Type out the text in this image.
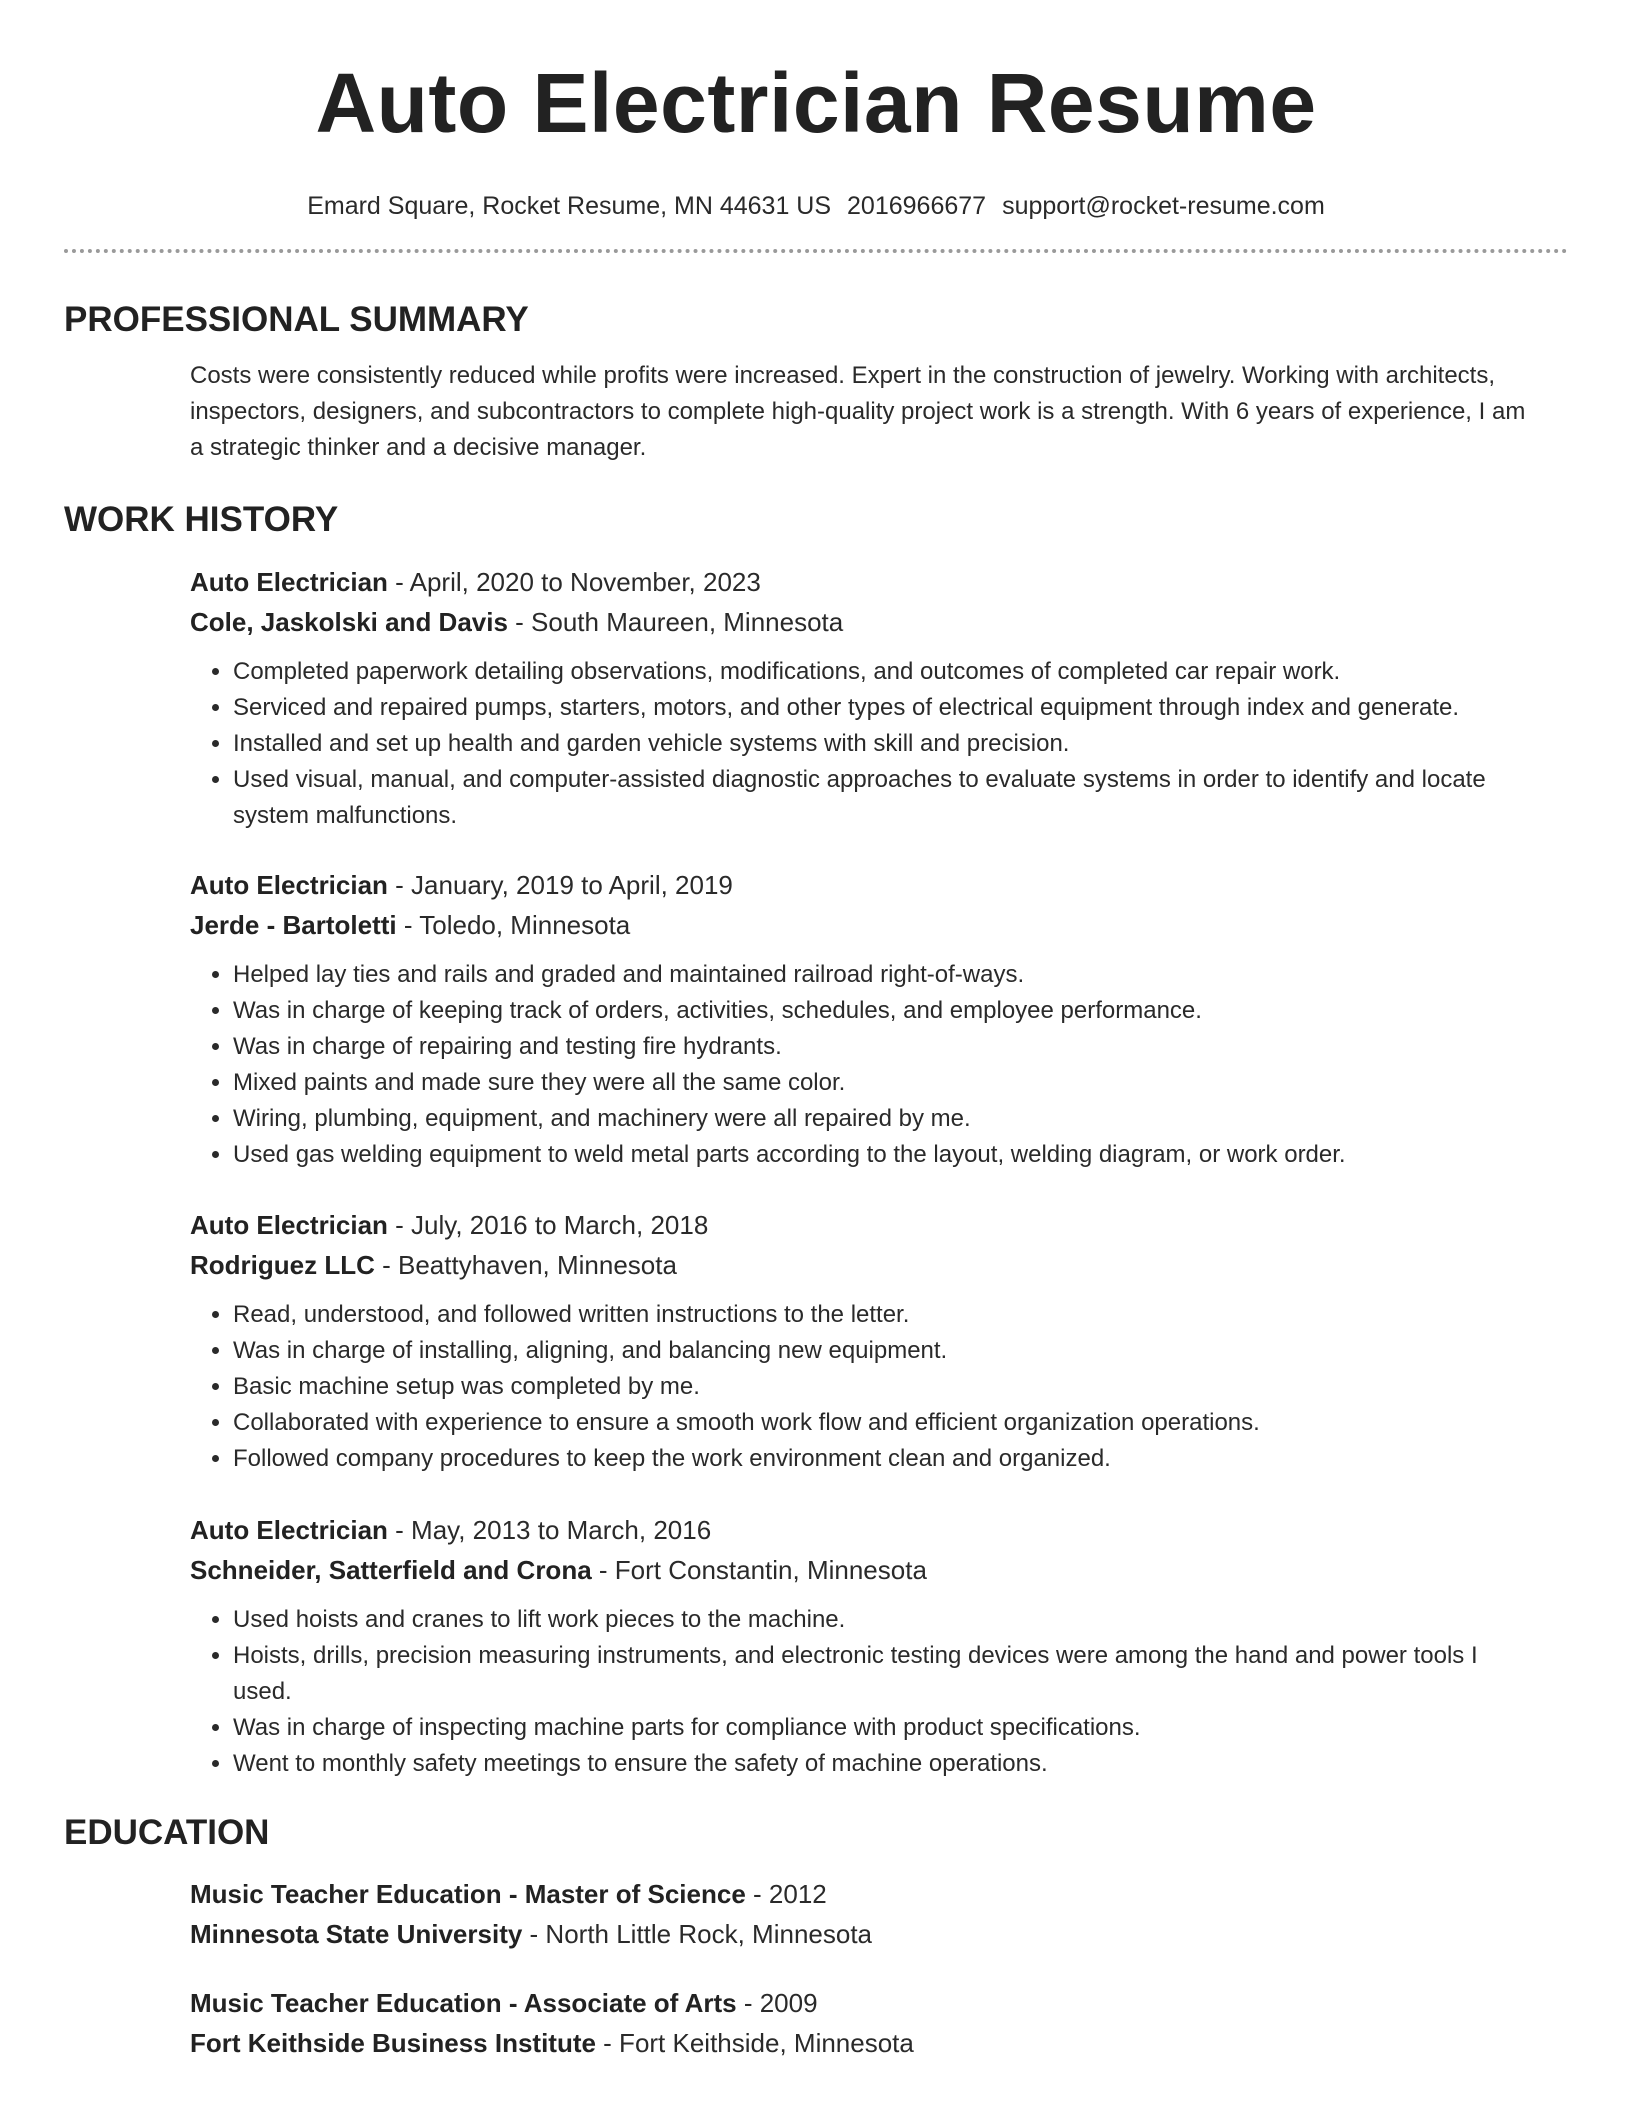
Auto Electrician Resume
Emard Square, Rocket Resume, MN 44631 US 2016966677 support@rocket-resume.com
PROFESSIONAL SUMMARY
Costs were consistently reduced while profits were increased. Expert in the construction of jewelry. Working with architects, inspectors, designers, and subcontractors to complete high-quality project work is a strength. With 6 years of experience, I am a strategic thinker and a decisive manager.
WORK HISTORY
Auto Electrician - April, 2020 to November, 2023
Cole, Jaskolski and Davis - South Maureen, Minnesota
• Completed paperwork detailing observations, modifications, and outcomes of completed car repair work.
• Serviced and repaired pumps, starters, motors, and other types of electrical equipment through index and generate.
• Installed and set up health and garden vehicle systems with skill and precision.
• Used visual, manual, and computer-assisted diagnostic approaches to evaluate systems in order to identify and locate system malfunctions.
Auto Electrician - January, 2019 to April, 2019
Jerde - Bartoletti - Toledo, Minnesota
• Helped lay ties and rails and graded and maintained railroad right-of-ways.
• Was in charge of keeping track of orders, activities, schedules, and employee performance.
• Was in charge of repairing and testing fire hydrants.
• Mixed paints and made sure they were all the same color.
• Wiring, plumbing, equipment, and machinery were all repaired by me.
• Used gas welding equipment to weld metal parts according to the layout, welding diagram, or work order.
Auto Electrician - July, 2016 to March, 2018
Rodriguez LLC - Beattyhaven, Minnesota
• Read, understood, and followed written instructions to the letter.
• Was in charge of installing, aligning, and balancing new equipment.
• Basic machine setup was completed by me.
• Collaborated with experience to ensure a smooth work flow and efficient organization operations.
• Followed company procedures to keep the work environment clean and organized.
Auto Electrician - May, 2013 to March, 2016
Schneider, Satterfield and Crona - Fort Constantin, Minnesota
• Used hoists and cranes to lift work pieces to the machine.
• Hoists, drills, precision measuring instruments, and electronic testing devices were among the hand and power tools I used.
• Was in charge of inspecting machine parts for compliance with product specifications.
• Went to monthly safety meetings to ensure the safety of machine operations.
EDUCATION
Music Teacher Education - Master of Science - 2012
Minnesota State University - North Little Rock, Minnesota
Music Teacher Education - Associate of Arts - 2009
Fort Keithside Business Institute - Fort Keithside, Minnesota
